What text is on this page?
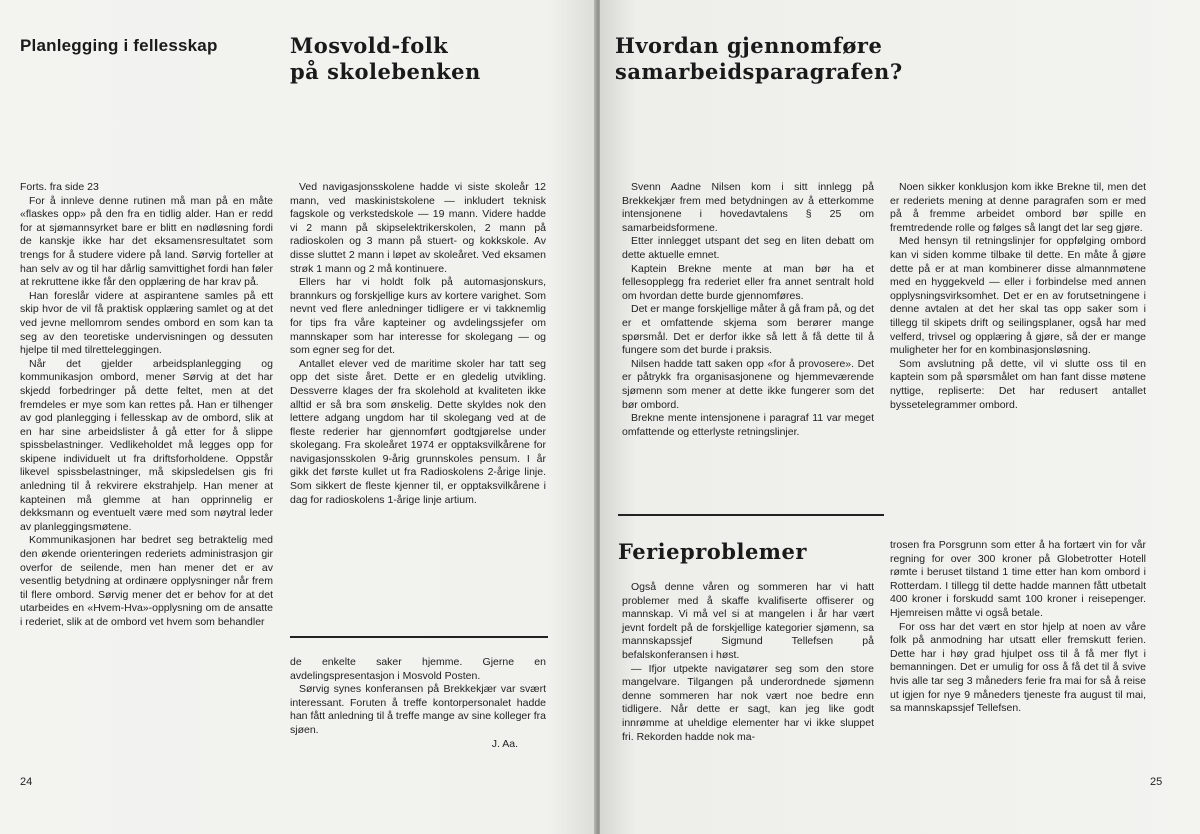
Planlegging i fellesskap	Mosvold-folk
på skolebenken

Forts. fra side 23

For å innleve denne rutinen må man på en måte «flaskes opp» på den fra en tidlig alder. Han er redd for at sjømannsyrket bare er blitt en nødløsning fordi de kanskje ikke har det eksamensresultatet som trengs for å studere videre på land. Sørvig forteller at han selv av og til har dårlig samvittighet fordi han føler at rekruttene ikke får den opplæring de har krav på.

Han foreslår videre at aspirantene samles på ett skip hvor de vil få praktisk opplæring samlet og at det ved jevne mellomrom sendes ombord en som kan ta seg av den teoretiske undervisningen og dessuten hjelpe til med tilretteleggingen.

Når det gjelder arbeidsplanlegging og kommunikasjon ombord, mener Sørvig at det har skjedd forbedringer på dette feltet, men at det fremdeles er mye som kan rettes på. Han er tilhenger av god planlegging i fellesskap av de ombord, slik at en har sine arbeidslister å gå etter for å slippe spissbelastninger. Vedlikeholdet må legges opp for skipene individuelt ut fra driftsforholdene. Oppstår likevel spissbelastninger, må skipsledelsen gis fri anledning til å rekvirere ekstrahjelp. Han mener at kapteinen må glemme at han opprinnelig er dekksmann og eventuelt være med som nøytral leder av planleggingsmøtene.

Kommunikasjonen har bedret seg betraktelig med den økende orienteringen rederiets administrasjon gir overfor de seilende, men han mener det er av vesentlig betydning at ordinære opplysninger når frem til flere ombord. Sørvig mener det er behov for at det utarbeides en «Hvem-Hva»-opplysning om de ansatte i rederiet, slik at de ombord vet hvem som behandler

Ved navigasjonsskolene hadde vi siste skoleår 12 mann, ved maskinistskolene — inkludert teknisk fagskole og verkstedskole — 19 mann. Videre hadde vi 2 mann på skipselektrikerskolen, 2 mann på radioskolen og 3 mann på stuert- og kokkskole. Av disse sluttet 2 mann i løpet av skoleåret. Ved eksamen strøk 1 mann og 2 må kontinuere.

Ellers har vi holdt folk på automasjonskurs, brannkurs og forskjellige kurs av kortere varighet. Som nevnt ved flere anledninger tidligere er vi takknemlig for tips fra våre kapteiner og avdelingssjefer om mannskaper som har interesse for skolegang — og som egner seg for det.

Antallet elever ved de maritime skoler har tatt seg opp det siste året. Dette er en gledelig utvikling. Dessverre klages der fra skolehold at kvaliteten ikke alltid er så bra som ønskelig. Dette skyldes nok den lettere adgang ungdom har til skolegang ved at de fleste rederier har gjennomført godtgjørelse under skolegang. Fra skoleåret 1974 er opptaksvilkårene for navigasjonsskolen 9-årig grunnskoles pensum. I år gikk det første kullet ut fra Radioskolens 2-årige linje. Som sikkert de fleste kjenner til, er opptaksvilkårene i dag for radioskolens 1-årige linje artium.

de enkelte saker hjemme. Gjerne en avdelingspresentasjon i Mosvold Posten.

Sørvig synes konferansen på Brekkekjær var svært interessant. Foruten å treffe kontorpersonalet hadde han fått anledning til å treffe mange av sine kolleger fra sjøen.

J. Aa.

24
Hvordan gjennomføre
samarbeidsparagrafen?

Svenn Aadne Nilsen kom i sitt innlegg på Brekkekjær frem med betydningen av å etterkomme intensjonene i hovedavtalens § 25 om samarbeidsformene.

Etter innlegget utspant det seg en liten debatt om dette aktuelle emnet.

Kaptein Brekne mente at man bør ha et fellesopplegg fra rederiet eller fra annet sentralt hold om hvordan dette burde gjennomføres.

Det er mange forskjellige måter å gå fram på, og det er et omfattende skjema som berører mange spørsmål. Det er derfor ikke så lett å få dette til å fungere som det burde i praksis.

Nilsen hadde tatt saken opp «for å provosere». Det er påtrykk fra organisasjonene og hjemmeværende sjømenn som mener at dette ikke fungerer som det bør ombord.

Brekne mente intensjonene i paragraf 11 var meget omfattende og etterlyste retningslinjer.

Noen sikker konklusjon kom ikke Brekne til, men det er rederiets mening at denne paragrafen som er med på å fremme arbeidet ombord bør spille en fremtredende rolle og følges så langt det lar seg gjøre.

Med hensyn til retningslinjer for oppfølging ombord kan vi siden komme tilbake til dette. En måte å gjøre dette på er at man kombinerer disse almannmøtene med en hyggekveld — eller i forbindelse med annen opplysningsvirksomhet. Det er en av forutsetningene i denne avtalen at det her skal tas opp saker som i tillegg til skipets drift og seilingsplaner, også har med velferd, trivsel og opplæring å gjøre, så der er mange muligheter her for en kombinasjonsløsning.

Som avslutning på dette, vil vi slutte oss til en kaptein som på spørsmålet om han fant disse møtene nyttige, repliserte: Det har redusert antallet byssetelegrammer ombord.

Ferieproblemer

Også denne våren og sommeren har vi hatt problemer med å skaffe kvalifiserte offiserer og mannskap. Vi må vel si at mangelen i år har vært jevnt fordelt på de forskjellige kategorier sjømenn, sa mannskapssjef Sigmund Tellefsen på befalskonferansen i høst.

— Ifjor utpekte navigatører seg som den store mangelvare. Tilgangen på underordnede sjømenn denne sommeren har nok vært noe bedre enn tidligere. Når dette er sagt, kan jeg like godt innrømme at uheldige elementer har vi ikke sluppet fri. Rekorden hadde nok ma-

trosen fra Porsgrunn som etter å ha fortært vin for vår regning for over 300 kroner på Globetrotter Hotell rømte i beruset tilstand 1 time etter han kom ombord i Rotterdam. I tillegg til dette hadde mannen fått utbetalt 400 kroner i forskudd samt 100 kroner i reisepenger. Hjemreisen måtte vi også betale.

For oss har det vært en stor hjelp at noen av våre folk på anmodning har utsatt eller fremskutt ferien. Dette har i høy grad hjulpet oss til å få mer flyt i bemanningen. Det er umulig for oss å få det til å svive hvis alle tar seg 3 måneders ferie fra mai for så å reise ut igjen for nye 9 måneders tjeneste fra august til mai, sa mannskapssjef Tellefsen.

25
